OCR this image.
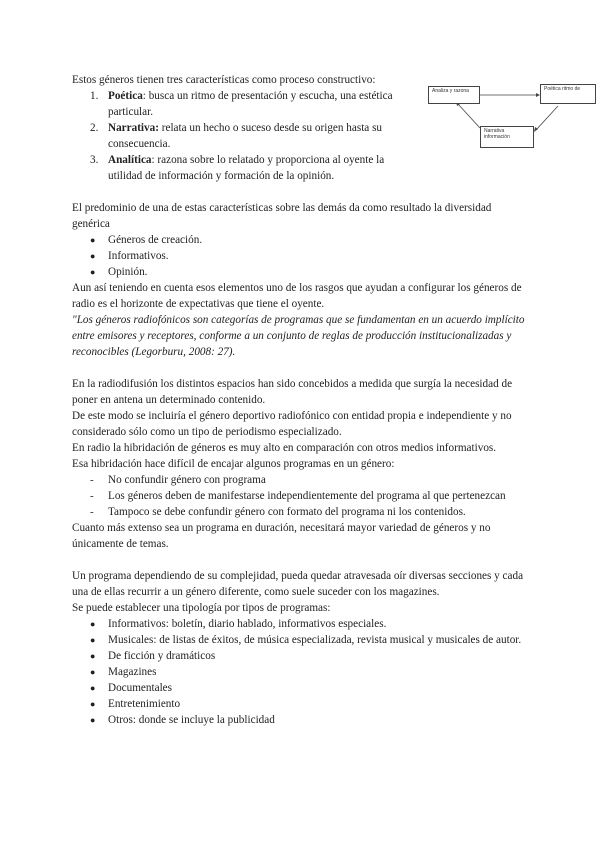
Analiza y razona	Poética ritmo de
Narrativa información

Estos géneros tienen tres características como proceso constructivo:

1. Poética: busca un ritmo de presentación y escucha, una estética particular.
2. Narrativa: relata un hecho o suceso desde su origen hasta su consecuencia.
3. Analítica: razona sobre lo relatado y proporciona al oyente la utilidad de información y formación de la opinión.

El predominio de una de estas características sobre las demás da como resultado la diversidad genérica

● Géneros de creación.
● Informativos.
● Opinión.

Aun así teniendo en cuenta esos elementos uno de los rasgos que ayudan a configurar los géneros de radio es el horizonte de expectativas que tiene el oyente.

"Los géneros radiofónicos son categorías de programas que se fundamentan en un acuerdo implícito entre emisores y receptores, conforme a un conjunto de reglas de producción institucionalizadas y reconocibles (Legorburu, 2008: 27).

En la radiodifusión los distintos espacios han sido concebidos a medida que surgía la necesidad de poner en antena un determinado contenido.

De este modo se incluiría el género deportivo radiofónico con entidad propia e independiente y no considerado sólo como un tipo de periodismo especializado.

En radio la hibridación de géneros es muy alto en comparación con otros medios informativos.

Esa hibridación hace difícil de encajar algunos programas en un género:

- No confundir género con programa
- Los géneros deben de manifestarse independientemente del programa al que pertenezcan
- Tampoco se debe confundir género con formato del programa ni los contenidos.

Cuanto más extenso sea un programa en duración, necesitará mayor variedad de géneros y no únicamente de temas.

Un programa dependiendo de su complejidad, pueda quedar atravesada oír diversas secciones y cada una de ellas recurrir a un género diferente, como suele suceder con los magazines.

Se puede establecer una tipología por tipos de programas:

● Informativos: boletín, diario hablado, informativos especiales.
● Musicales: de listas de éxitos, de música especializada, revista musical y musicales de autor.
● De ficción y dramáticos
● Magazines
● Documentales
● Entretenimiento
● Otros: donde se incluye la publicidad
